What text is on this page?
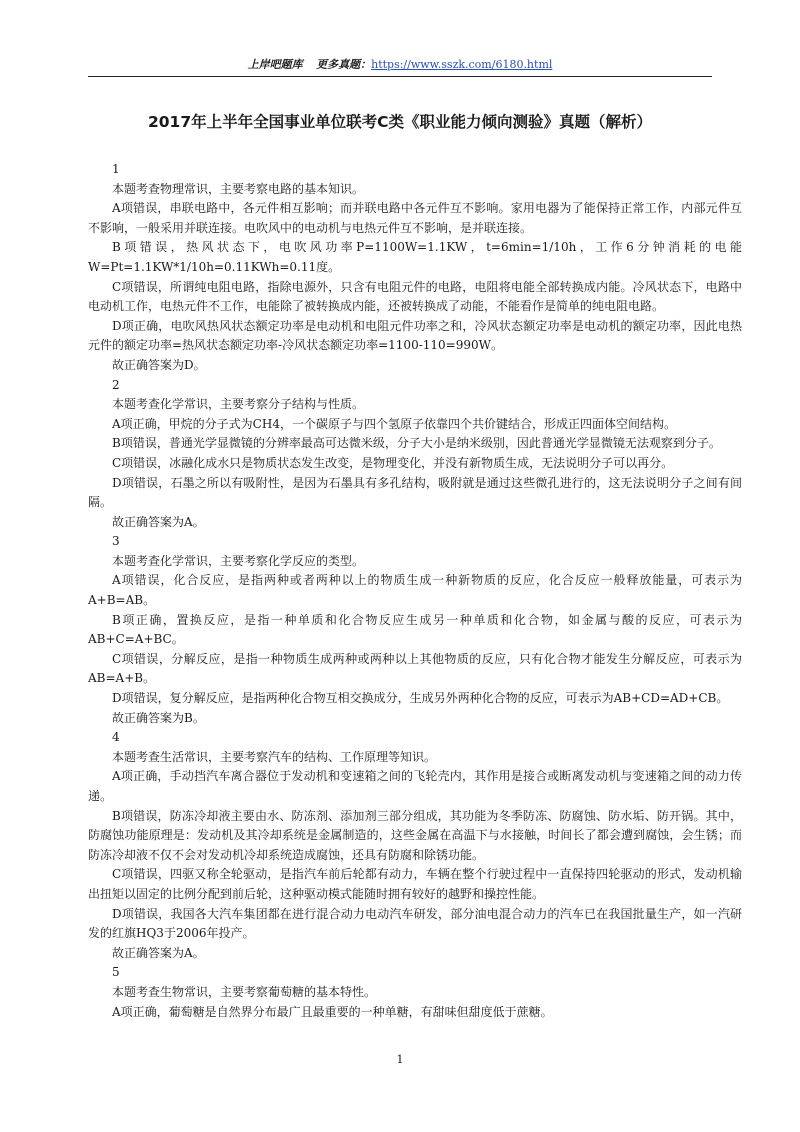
上岸吧题库 更多真题：https://www.sszk.com/6180.html
2017年上半年全国事业单位联考C类《职业能力倾向测验》真题（解析）

1

本题考查物理常识，主要考察电路的基本知识。

A项错误，串联电路中，各元件相互影响；而并联电路中各元件互不影响。家用电器为了能保持正常工作，内部元件互不影响，一般采用并联连接。电吹风中的电动机与电热元件互不影响，是并联连接。

B项错误，热风状态下，电吹风功率P=1100W=1.1KW，t=6min=1/10h，工作6分钟消耗的电能W=Pt=1.1KW*1/10h=0.11KWh=0.11度。

C项错误，所谓纯电阻电路，指除电源外，只含有电阻元件的电路，电阻将电能全部转换成内能。冷风状态下，电路中电动机工作，电热元件不工作，电能除了被转换成内能，还被转换成了动能，不能看作是简单的纯电阻电路。

D项正确，电吹风热风状态额定功率是电动机和电阻元件功率之和，冷风状态额定功率是电动机的额定功率，因此电热元件的额定功率=热风状态额定功率-冷风状态额定功率=1100-110=990W。

故正确答案为D。

2

本题考查化学常识，主要考察分子结构与性质。

A项正确，甲烷的分子式为CH4，一个碳原子与四个氢原子依靠四个共价键结合，形成正四面体空间结构。

B项错误，普通光学显微镜的分辨率最高可达微米级，分子大小是纳米级别，因此普通光学显微镜无法观察到分子。

C项错误，冰融化成水只是物质状态发生改变，是物理变化，并没有新物质生成，无法说明分子可以再分。

D项错误，石墨之所以有吸附性，是因为石墨具有多孔结构，吸附就是通过这些微孔进行的，这无法说明分子之间有间隔。

故正确答案为A。

3

本题考查化学常识，主要考察化学反应的类型。

A项错误，化合反应，是指两种或者两种以上的物质生成一种新物质的反应，化合反应一般释放能量，可表示为A+B=AB。

B项正确，置换反应，是指一种单质和化合物反应生成另一种单质和化合物，如金属与酸的反应，可表示为AB+C=A+BC。

C项错误，分解反应，是指一种物质生成两种或两种以上其他物质的反应，只有化合物才能发生分解反应，可表示为AB=A+B。

D项错误，复分解反应，是指两种化合物互相交换成分，生成另外两种化合物的反应，可表示为AB+CD=AD+CB。

故正确答案为B。

4

本题考查生活常识，主要考察汽车的结构、工作原理等知识。

A项正确，手动挡汽车离合器位于发动机和变速箱之间的飞轮壳内，其作用是接合或断离发动机与变速箱之间的动力传递。

B项错误，防冻冷却液主要由水、防冻剂、添加剂三部分组成，其功能为冬季防冻、防腐蚀、防水垢、防开锅。其中，防腐蚀功能原理是：发动机及其冷却系统是金属制造的，这些金属在高温下与水接触，时间长了都会遭到腐蚀，会生锈；而防冻冷却液不仅不会对发动机冷却系统造成腐蚀，还具有防腐和除锈功能。

C项错误，四驱又称全轮驱动，是指汽车前后轮都有动力，车辆在整个行驶过程中一直保持四轮驱动的形式，发动机输出扭矩以固定的比例分配到前后轮，这种驱动模式能随时拥有较好的越野和操控性能。

D项错误，我国各大汽车集团都在进行混合动力电动汽车研发，部分油电混合动力的汽车已在我国批量生产，如一汽研发的红旗HQ3于2006年投产。

故正确答案为A。

5

本题考查生物常识，主要考察葡萄糖的基本特性。

A项正确，葡萄糖是自然界分布最广且最重要的一种单糖，有甜味但甜度低于蔗糖。

1
